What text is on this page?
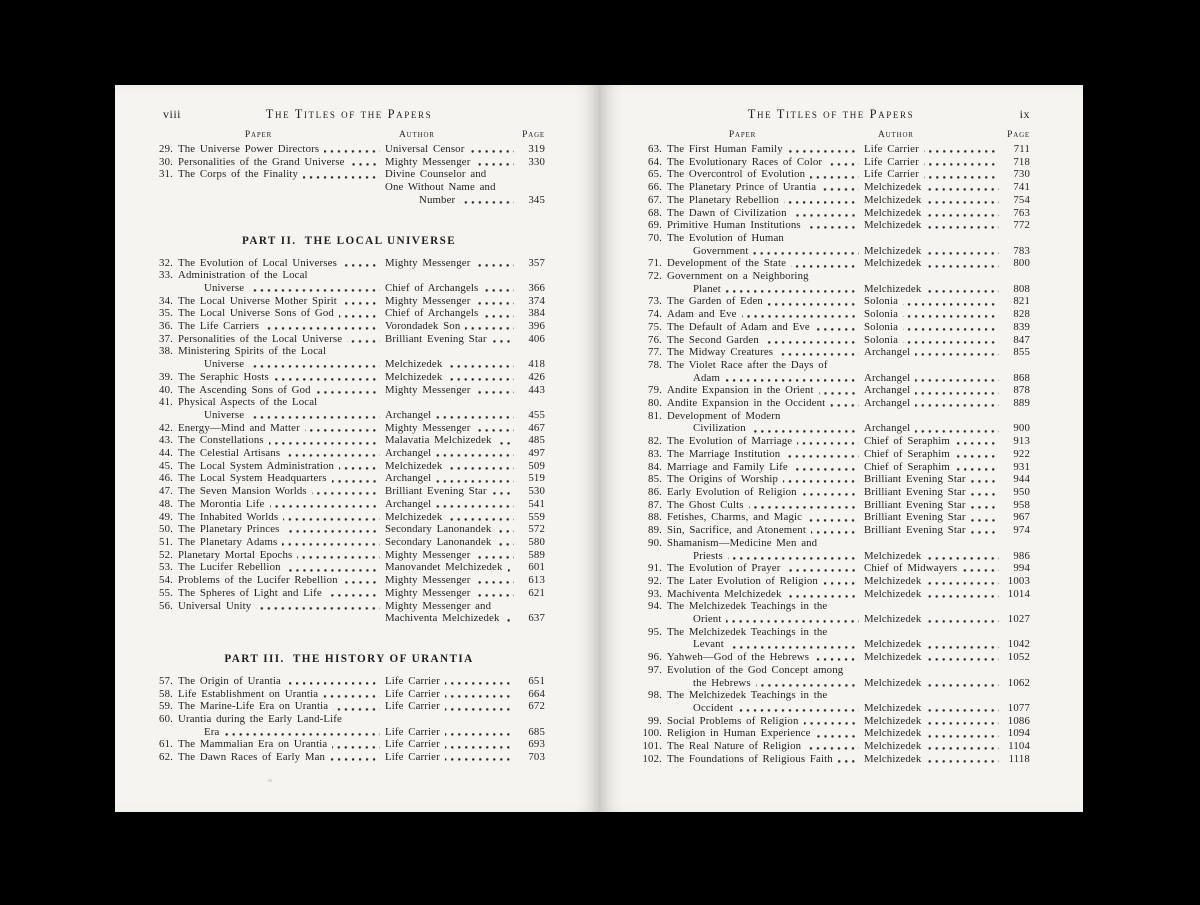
viii	The Titles of the Papers
Paper	Author	Page
29. The Universe Power Directors	Universal Censor	319
30. Personalities of the Grand Universe	Mighty Messenger	330
31. The Corps of the Finality	Divine Counselor and
One Without Name and
Number	345
PART II.  THE LOCAL UNIVERSE
32. The Evolution of Local Universes	Mighty Messenger	357
33. Administration of the Local
Universe	Chief of Archangels	366
34. The Local Universe Mother Spirit	Mighty Messenger	374
35. The Local Universe Sons of God	Chief of Archangels	384
36. The Life Carriers	Vorondadek Son	396
37. Personalities of the Local Universe	Brilliant Evening Star	406
38. Ministering Spirits of the Local
Universe	Melchizedek	418
39. The Seraphic Hosts	Melchizedek	426
40. The Ascending Sons of God	Mighty Messenger	443
41. Physical Aspects of the Local
Universe	Archangel	455
42. Energy—Mind and Matter	Mighty Messenger	467
43. The Constellations	Malavatia Melchizedek	485
44. The Celestial Artisans	Archangel	497
45. The Local System Administration	Melchizedek	509
46. The Local System Headquarters	Archangel	519
47. The Seven Mansion Worlds	Brilliant Evening Star	530
48. The Morontia Life	Archangel	541
49. The Inhabited Worlds	Melchizedek	559
50. The Planetary Princes	Secondary Lanonandek	572
51. The Planetary Adams	Secondary Lanonandek	580
52. Planetary Mortal Epochs	Mighty Messenger	589
53. The Lucifer Rebellion	Manovandet Melchizedek	601
54. Problems of the Lucifer Rebellion	Mighty Messenger	613
55. The Spheres of Light and Life	Mighty Messenger	621
56. Universal Unity	Mighty Messenger and
Machiventa Melchizedek	637
PART III.  THE HISTORY OF URANTIA
57. The Origin of Urantia	Life Carrier	651
58. Life Establishment on Urantia	Life Carrier	664
59. The Marine-Life Era on Urantia	Life Carrier	672
60. Urantia during the Early Land-Life
Era	Life Carrier	685
61. The Mammalian Era on Urantia	Life Carrier	693
62. The Dawn Races of Early Man	Life Carrier	703
ix
The Titles of the Papers
Paper	Author	Page
63. The First Human Family	Life Carrier	711
64. The Evolutionary Races of Color	Life Carrier	718
65. The Overcontrol of Evolution	Life Carrier	730
66. The Planetary Prince of Urantia	Melchizedek	741
67. The Planetary Rebellion	Melchizedek	754
68. The Dawn of Civilization	Melchizedek	763
69. Primitive Human Institutions	Melchizedek	772
70. The Evolution of Human
Government	Melchizedek	783
71. Development of the State	Melchizedek	800
72. Government on a Neighboring
Planet	Melchizedek	808
73. The Garden of Eden	Solonia	821
74. Adam and Eve	Solonia	828
75. The Default of Adam and Eve	Solonia	839
76. The Second Garden	Solonia	847
77. The Midway Creatures	Archangel	855
78. The Violet Race after the Days of
Adam	Archangel	868
79. Andite Expansion in the Orient	Archangel	878
80. Andite Expansion in the Occident	Archangel	889
81. Development of Modern
Civilization	Archangel	900
82. The Evolution of Marriage	Chief of Seraphim	913
83. The Marriage Institution	Chief of Seraphim	922
84. Marriage and Family Life	Chief of Seraphim	931
85. The Origins of Worship	Brilliant Evening Star	944
86. Early Evolution of Religion	Brilliant Evening Star	950
87. The Ghost Cults	Brilliant Evening Star	958
88. Fetishes, Charms, and Magic	Brilliant Evening Star	967
89. Sin, Sacrifice, and Atonement	Brilliant Evening Star	974
90. Shamanism—Medicine Men and
Priests	Melchizedek	986
91. The Evolution of Prayer	Chief of Midwayers	994
92. The Later Evolution of Religion	Melchizedek	1003
93. Machiventa Melchizedek	Melchizedek	1014
94. The Melchizedek Teachings in the
Orient	Melchizedek	1027
95. The Melchizedek Teachings in the
Levant	Melchizedek	1042
96. Yahweh—God of the Hebrews	Melchizedek	1052
97. Evolution of the God Concept among
the Hebrews	Melchizedek	1062
98. The Melchizedek Teachings in the
Occident	Melchizedek	1077
99. Social Problems of Religion	Melchizedek	1086
100. Religion in Human Experience	Melchizedek	1094
101. The Real Nature of Religion	Melchizedek	1104
102. The Foundations of Religious Faith	Melchizedek	1118
